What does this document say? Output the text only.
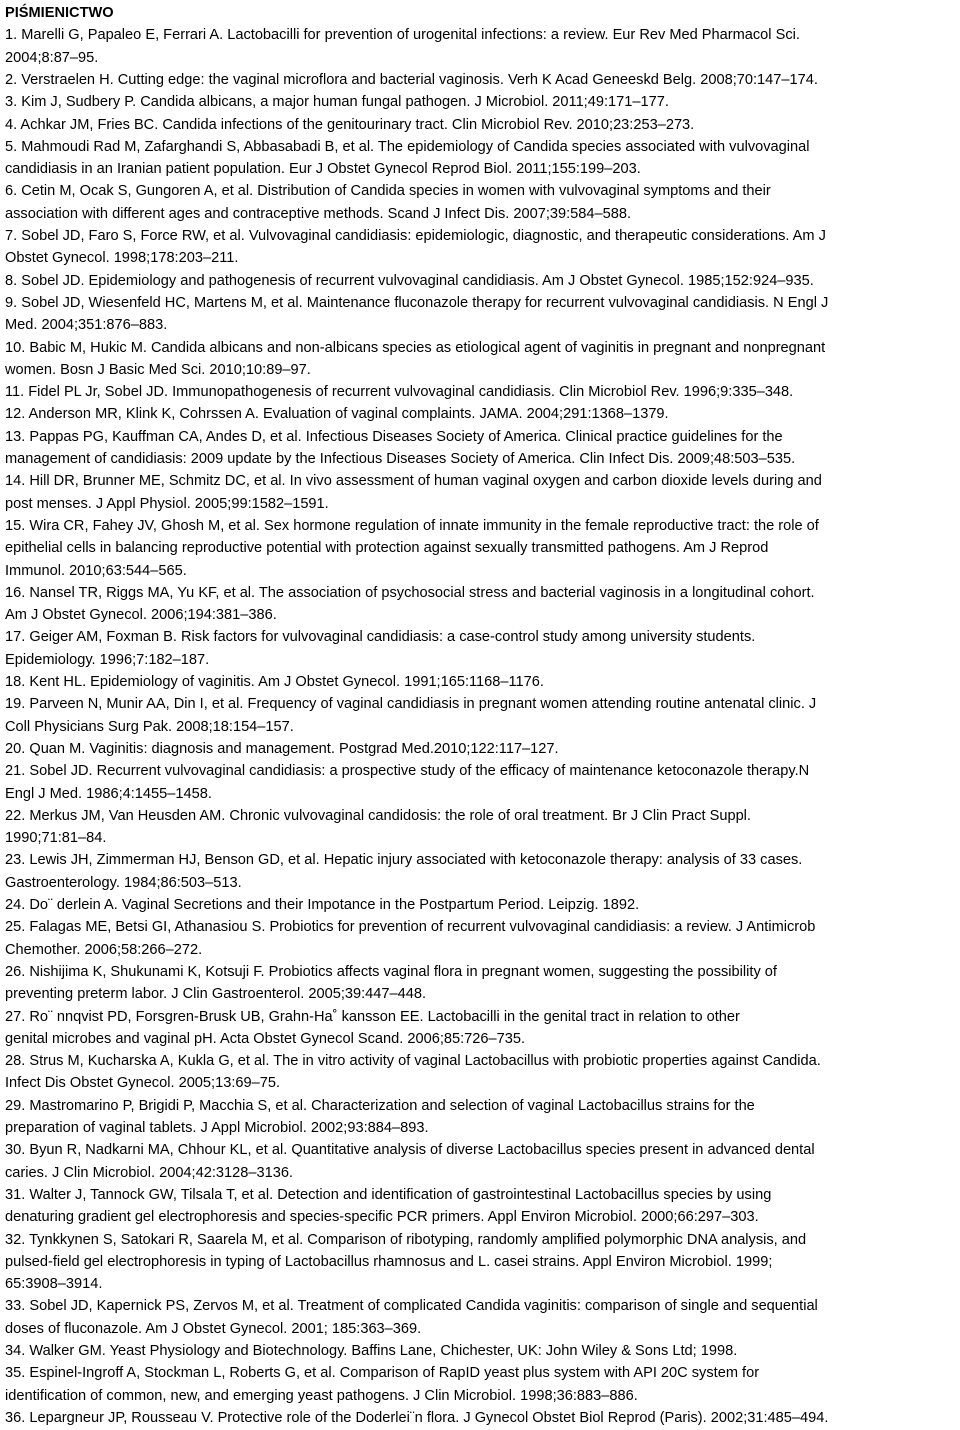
PIŚMIENICTWO
1. Marelli G, Papaleo E, Ferrari A. Lactobacilli for prevention of urogenital infections: a review. Eur Rev Med Pharmacol Sci.
2004;8:87–95.
2. Verstraelen H. Cutting edge: the vaginal microflora and bacterial vaginosis. Verh K Acad Geneeskd Belg. 2008;70:147–174.
3. Kim J, Sudbery P. Candida albicans, a major human fungal pathogen. J Microbiol. 2011;49:171–177.
4. Achkar JM, Fries BC. Candida infections of the genitourinary tract. Clin Microbiol Rev. 2010;23:253–273.
5. Mahmoudi Rad M, Zafarghandi S, Abbasabadi B, et al. The epidemiology of Candida species associated with vulvovaginal
candidiasis in an Iranian patient population. Eur J Obstet Gynecol Reprod Biol. 2011;155:199–203.
6. Cetin M, Ocak S, Gungoren A, et al. Distribution of Candida species in women with vulvovaginal symptoms and their
association with different ages and contraceptive methods. Scand J Infect Dis. 2007;39:584–588.
7. Sobel JD, Faro S, Force RW, et al. Vulvovaginal candidiasis: epidemiologic, diagnostic, and therapeutic considerations. Am J
Obstet Gynecol. 1998;178:203–211.
8. Sobel JD. Epidemiology and pathogenesis of recurrent vulvovaginal candidiasis. Am J Obstet Gynecol. 1985;152:924–935.
9. Sobel JD, Wiesenfeld HC, Martens M, et al. Maintenance fluconazole therapy for recurrent vulvovaginal candidiasis. N Engl J
Med. 2004;351:876–883.
10. Babic M, Hukic M. Candida albicans and non-albicans species as etiological agent of vaginitis in pregnant and nonpregnant
women. Bosn J Basic Med Sci. 2010;10:89–97.
11. Fidel PL Jr, Sobel JD. Immunopathogenesis of recurrent vulvovaginal candidiasis. Clin Microbiol Rev. 1996;9:335–348.
12. Anderson MR, Klink K, Cohrssen A. Evaluation of vaginal complaints. JAMA. 2004;291:1368–1379.
13. Pappas PG, Kauffman CA, Andes D, et al. Infectious Diseases Society of America. Clinical practice guidelines for the
management of candidiasis: 2009 update by the Infectious Diseases Society of America. Clin Infect Dis. 2009;48:503–535.
14. Hill DR, Brunner ME, Schmitz DC, et al. In vivo assessment of human vaginal oxygen and carbon dioxide levels during and
post menses. J Appl Physiol. 2005;99:1582–1591.
15. Wira CR, Fahey JV, Ghosh M, et al. Sex hormone regulation of innate immunity in the female reproductive tract: the role of
epithelial cells in balancing reproductive potential with protection against sexually transmitted pathogens. Am J Reprod
Immunol. 2010;63:544–565.
16. Nansel TR, Riggs MA, Yu KF, et al. The association of psychosocial stress and bacterial vaginosis in a longitudinal cohort.
Am J Obstet Gynecol. 2006;194:381–386.
17. Geiger AM, Foxman B. Risk factors for vulvovaginal candidiasis: a case-control study among university students.
Epidemiology. 1996;7:182–187.
18. Kent HL. Epidemiology of vaginitis. Am J Obstet Gynecol. 1991;165:1168–1176.
19. Parveen N, Munir AA, Din I, et al. Frequency of vaginal candidiasis in pregnant women attending routine antenatal clinic. J
Coll Physicians Surg Pak. 2008;18:154–157.
20. Quan M. Vaginitis: diagnosis and management. Postgrad Med.2010;122:117–127.
21. Sobel JD. Recurrent vulvovaginal candidiasis: a prospective study of the efficacy of maintenance ketoconazole therapy.N
Engl J Med. 1986;4:1455–1458.
22. Merkus JM, Van Heusden AM. Chronic vulvovaginal candidosis: the role of oral treatment. Br J Clin Pract Suppl.
1990;71:81–84.
23. Lewis JH, Zimmerman HJ, Benson GD, et al. Hepatic injury associated with ketoconazole therapy: analysis of 33 cases.
Gastroenterology. 1984;86:503–513.
24. Do¨ derlein A. Vaginal Secretions and their Impotance in the Postpartum Period. Leipzig. 1892.
25. Falagas ME, Betsi GI, Athanasiou S. Probiotics for prevention of recurrent vulvovaginal candidiasis: a review. J Antimicrob
Chemother. 2006;58:266–272.
26. Nishijima K, Shukunami K, Kotsuji F. Probiotics affects vaginal flora in pregnant women, suggesting the possibility of
preventing preterm labor. J Clin Gastroenterol. 2005;39:447–448.
27. Ro¨ nnqvist PD, Forsgren-Brusk UB, Grahn-Ha˚ kansson EE. Lactobacilli in the genital tract in relation to other
genital microbes and vaginal pH. Acta Obstet Gynecol Scand. 2006;85:726–735.
28. Strus M, Kucharska A, Kukla G, et al. The in vitro activity of vaginal Lactobacillus with probiotic properties against Candida.
Infect Dis Obstet Gynecol. 2005;13:69–75.
29. Mastromarino P, Brigidi P, Macchia S, et al. Characterization and selection of vaginal Lactobacillus strains for the
preparation of vaginal tablets. J Appl Microbiol. 2002;93:884–893.
30. Byun R, Nadkarni MA, Chhour KL, et al. Quantitative analysis of diverse Lactobacillus species present in advanced dental
caries. J Clin Microbiol. 2004;42:3128–3136.
31. Walter J, Tannock GW, Tilsala T, et al. Detection and identification of gastrointestinal Lactobacillus species by using
denaturing gradient gel electrophoresis and species-specific PCR primers. Appl Environ Microbiol. 2000;66:297–303.
32. Tynkkynen S, Satokari R, Saarela M, et al. Comparison of ribotyping, randomly amplified polymorphic DNA analysis, and
pulsed-field gel electrophoresis in typing of Lactobacillus rhamnosus and L. casei strains. Appl Environ Microbiol. 1999;
65:3908–3914.
33. Sobel JD, Kapernick PS, Zervos M, et al. Treatment of complicated Candida vaginitis: comparison of single and sequential
doses of fluconazole. Am J Obstet Gynecol. 2001; 185:363–369.
34. Walker GM. Yeast Physiology and Biotechnology. Baffins Lane, Chichester, UK: John Wiley & Sons Ltd; 1998.
35. Espinel-Ingroff A, Stockman L, Roberts G, et al. Comparison of RapID yeast plus system with API 20C system for
identification of common, new, and emerging yeast pathogens. J Clin Microbiol. 1998;36:883–886.
36. Lepargneur JP, Rousseau V. Protective role of the Doderlei¨n flora. J Gynecol Obstet Biol Reprod (Paris). 2002;31:485–494.
